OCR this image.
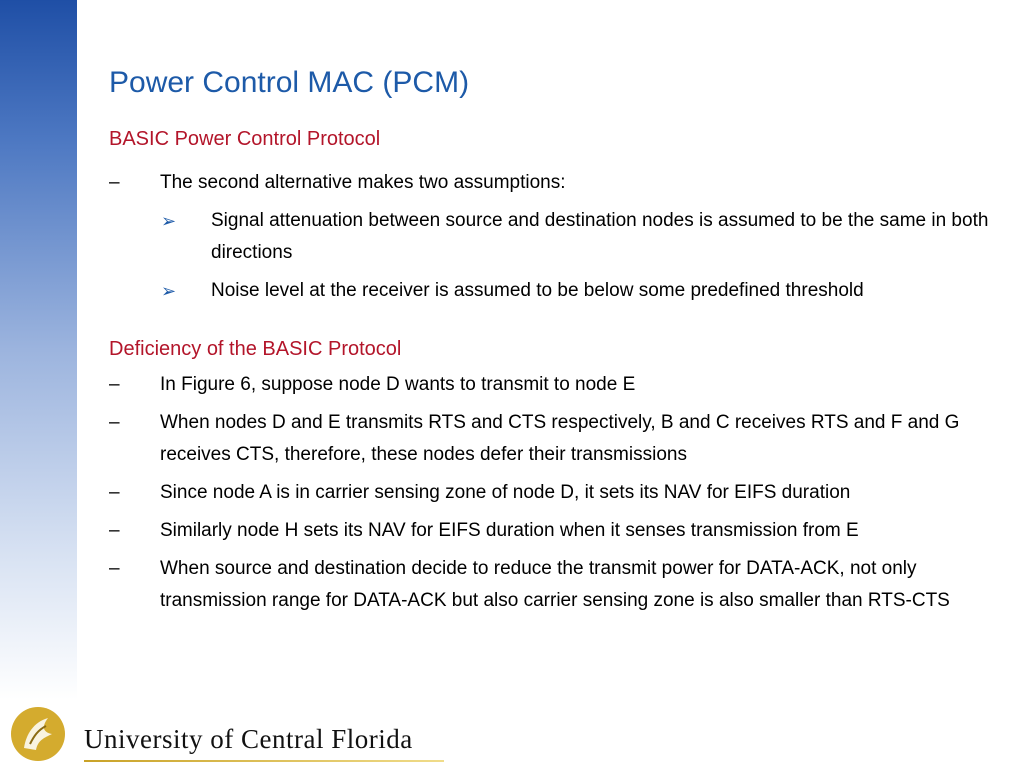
Power Control MAC (PCM)
BASIC Power Control Protocol
– The second alternative makes two assumptions:
➢ Signal attenuation between source and destination nodes is assumed to be the same in both directions
➢ Noise level at the receiver is assumed to be below some predefined threshold
Deficiency of the BASIC Protocol
– In Figure 6, suppose node D wants to transmit to node E
– When nodes D and E transmits RTS and CTS respectively, B and C receives RTS and F and G receives CTS, therefore, these nodes defer their transmissions
– Since node A is in carrier sensing zone of node D, it sets its NAV for EIFS duration
– Similarly node H sets its NAV for EIFS duration when it senses transmission from E
– When source and destination decide to reduce the transmit power for DATA-ACK, not only transmission range for DATA-ACK but also carrier sensing zone is also smaller than RTS-CTS
University of Central Florida
